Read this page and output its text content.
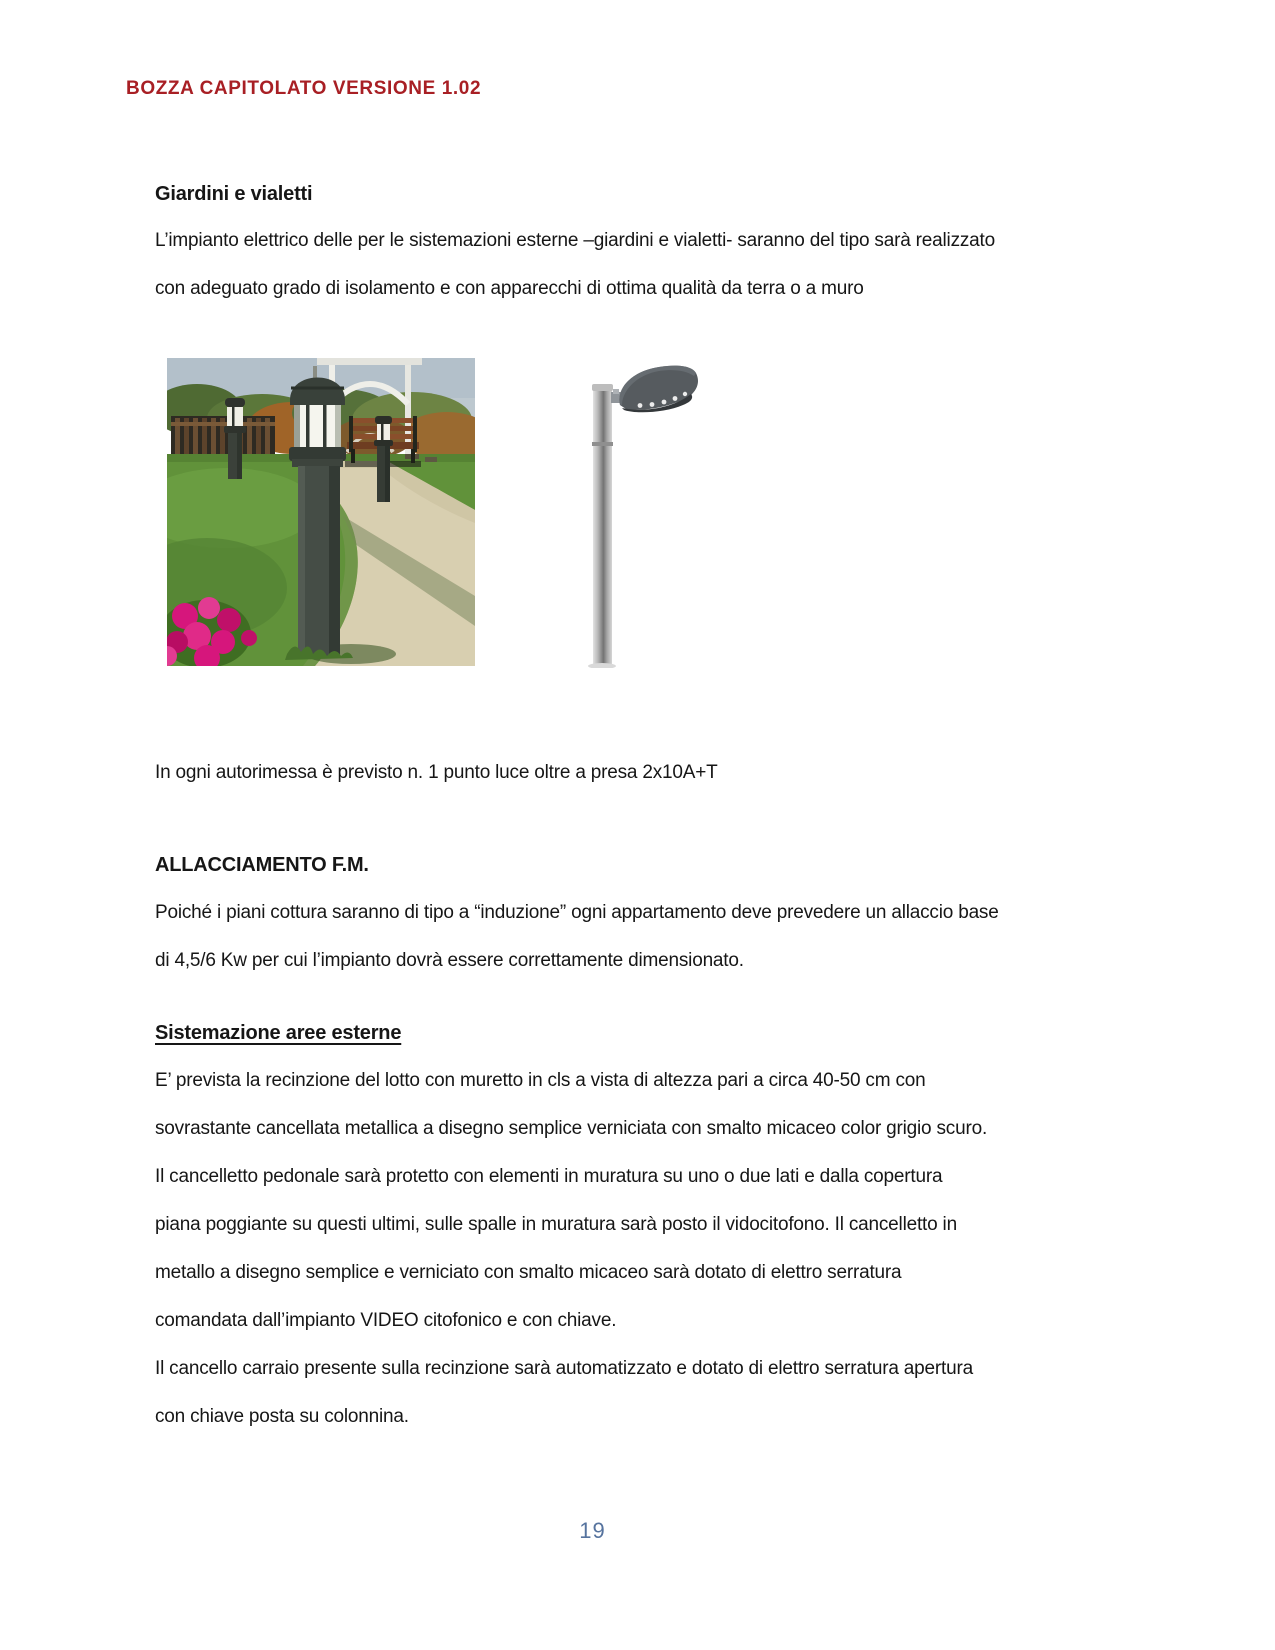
BOZZA CAPITOLATO VERSIONE 1.02
Giardini e vialetti
L’impianto elettrico delle per le sistemazioni esterne –giardini e vialetti- saranno del tipo sarà realizzato
con adeguato grado di isolamento e con apparecchi di ottima qualità da terra o a muro
In ogni autorimessa è previsto n. 1 punto luce oltre a presa 2x10A+T
ALLACCIAMENTO F.M.
Poiché i piani cottura saranno di tipo a “induzione” ogni appartamento deve prevedere un allaccio base
di 4,5/6 Kw per cui l’impianto dovrà essere correttamente dimensionato.
Sistemazione aree esterne
E’ prevista la recinzione del lotto con muretto in cls a vista di altezza pari a circa 40-50 cm con
sovrastante cancellata metallica a disegno semplice verniciata con smalto micaceo color grigio scuro.
Il cancelletto pedonale sarà protetto con elementi in muratura su uno o due lati e dalla copertura
piana poggiante su questi ultimi, sulle spalle in muratura sarà posto il vidocitofono. Il cancelletto in
metallo a disegno semplice e verniciato con smalto micaceo sarà dotato di elettro serratura
comandata dall’impianto VIDEO citofonico e con chiave.
Il cancello carraio presente sulla recinzione sarà automatizzato e dotato di elettro serratura apertura
con chiave posta su colonnina.
19
